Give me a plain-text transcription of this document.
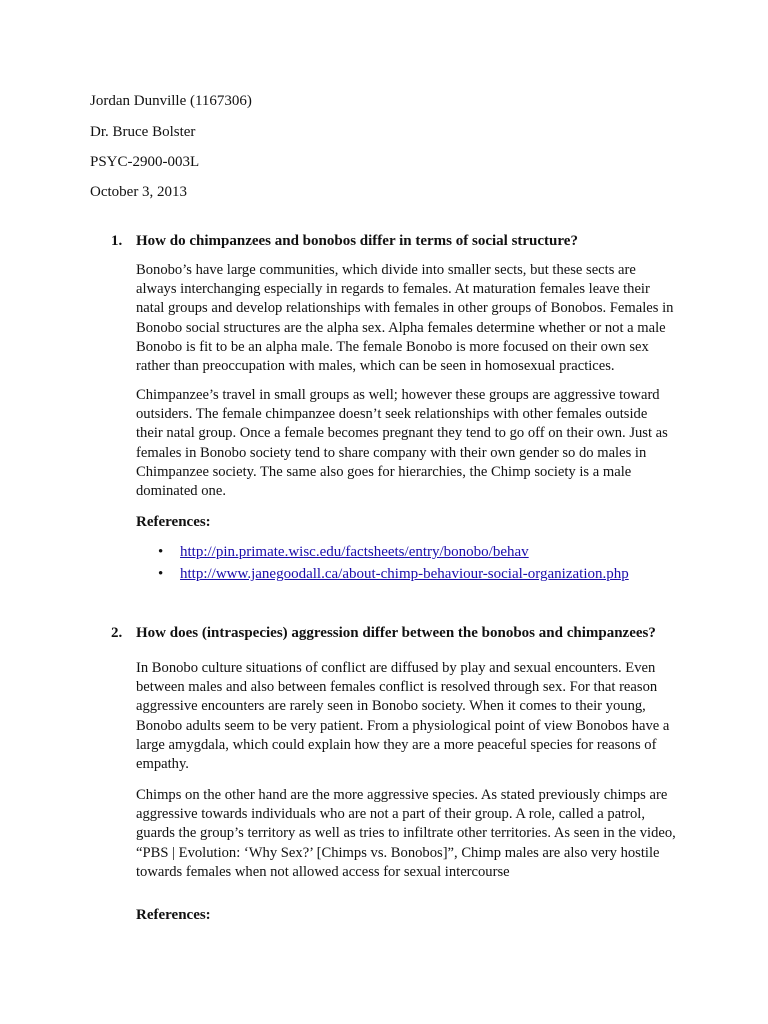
Jordan Dunville (1167306)
Dr. Bruce Bolster
PSYC-2900-003L
October 3, 2013
1. How do chimpanzees and bonobos differ in terms of social structure?

Bonobo’s have large communities, which divide into smaller sects, but these sects are always interchanging especially in regards to females. At maturation females leave their natal groups and develop relationships with females in other groups of Bonobos. Females in Bonobo social structures are the alpha sex. Alpha females determine whether or not a male Bonobo is fit to be an alpha male. The female Bonobo is more focused on their own sex rather than preoccupation with males, which can be seen in homosexual practices.

Chimpanzee’s travel in small groups as well; however these groups are aggressive toward outsiders. The female chimpanzee doesn’t seek relationships with other females outside their natal group. Once a female becomes pregnant they tend to go off on their own. Just as females in Bonobo society tend to share company with their own gender so do males in Chimpanzee society. The same also goes for hierarchies, the Chimp society is a male dominated one.

References:
• http://pin.primate.wisc.edu/factsheets/entry/bonobo/behav
• http://www.janegoodall.ca/about-chimp-behaviour-social-organization.php
2. How does (intraspecies) aggression differ between the bonobos and chimpanzees?

In Bonobo culture situations of conflict are diffused by play and sexual encounters. Even between males and also between females conflict is resolved through sex. For that reason aggressive encounters are rarely seen in Bonobo society. When it comes to their young, Bonobo adults seem to be very patient. From a physiological point of view Bonobos have a large amygdala, which could explain how they are a more peaceful species for reasons of empathy.

Chimps on the other hand are the more aggressive species. As stated previously chimps are aggressive towards individuals who are not a part of their group. A role, called a patrol, guards the group’s territory as well as tries to infiltrate other territories. As seen in the video, “PBS | Evolution: ‘Why Sex?’ [Chimps vs. Bonobos]”, Chimp males are also very hostile towards females when not allowed access for sexual intercourse

References:
